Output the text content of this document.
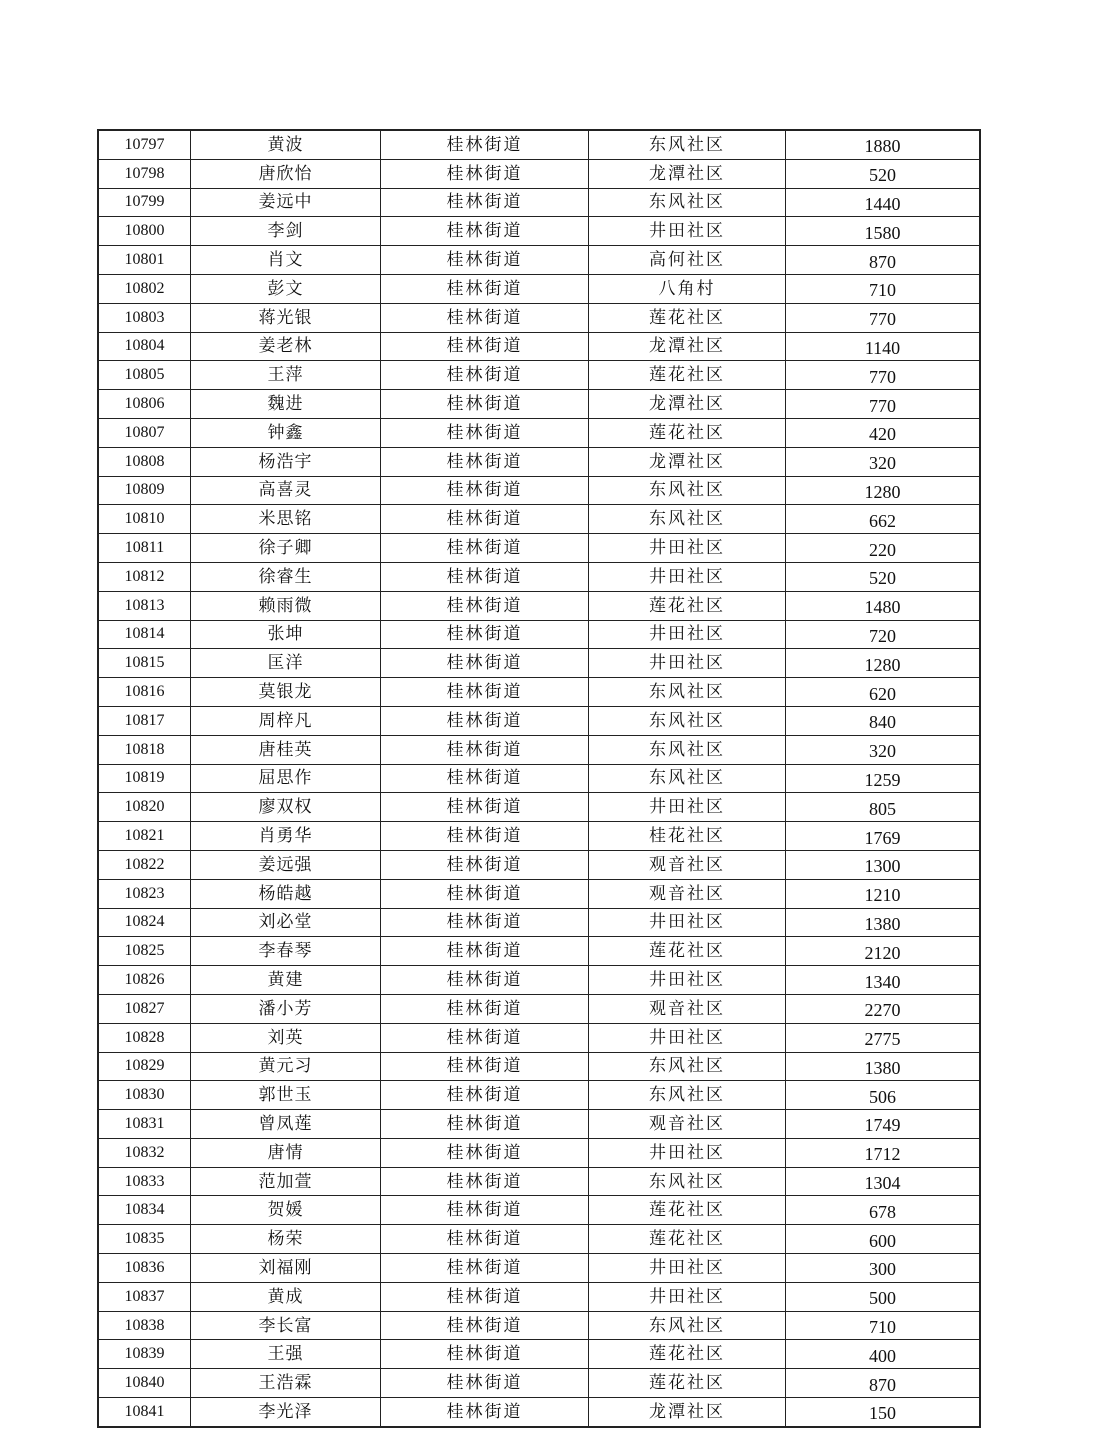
10797	黄波	桂林街道	东风社区	1880
10798	唐欣怡	桂林街道	龙潭社区	520
10799	姜远中	桂林街道	东风社区	1440
10800	李剑	桂林街道	井田社区	1580
10801	肖文	桂林街道	高何社区	870
10802	彭文	桂林街道	八角村	710
10803	蒋光银	桂林街道	莲花社区	770
10804	姜老林	桂林街道	龙潭社区	1140
10805	王萍	桂林街道	莲花社区	770
10806	魏进	桂林街道	龙潭社区	770
10807	钟鑫	桂林街道	莲花社区	420
10808	杨浩宇	桂林街道	龙潭社区	320
10809	高喜灵	桂林街道	东风社区	1280
10810	米思铭	桂林街道	东风社区	662
10811	徐子卿	桂林街道	井田社区	220
10812	徐睿生	桂林街道	井田社区	520
10813	赖雨微	桂林街道	莲花社区	1480
10814	张坤	桂林街道	井田社区	720
10815	匡洋	桂林街道	井田社区	1280
10816	莫银龙	桂林街道	东风社区	620
10817	周梓凡	桂林街道	东风社区	840
10818	唐桂英	桂林街道	东风社区	320
10819	屈思作	桂林街道	东风社区	1259
10820	廖双权	桂林街道	井田社区	805
10821	肖勇华	桂林街道	桂花社区	1769
10822	姜远强	桂林街道	观音社区	1300
10823	杨皓越	桂林街道	观音社区	1210
10824	刘必堂	桂林街道	井田社区	1380
10825	李春琴	桂林街道	莲花社区	2120
10826	黄建	桂林街道	井田社区	1340
10827	潘小芳	桂林街道	观音社区	2270
10828	刘英	桂林街道	井田社区	2775
10829	黄元习	桂林街道	东风社区	1380
10830	郭世玉	桂林街道	东风社区	506
10831	曾凤莲	桂林街道	观音社区	1749
10832	唐情	桂林街道	井田社区	1712
10833	范加萱	桂林街道	东风社区	1304
10834	贺媛	桂林街道	莲花社区	678
10835	杨荣	桂林街道	莲花社区	600
10836	刘福刚	桂林街道	井田社区	300
10837	黄成	桂林街道	井田社区	500
10838	李长富	桂林街道	东风社区	710
10839	王强	桂林街道	莲花社区	400
10840	王浩霖	桂林街道	莲花社区	870
10841	李光泽	桂林街道	龙潭社区	150
